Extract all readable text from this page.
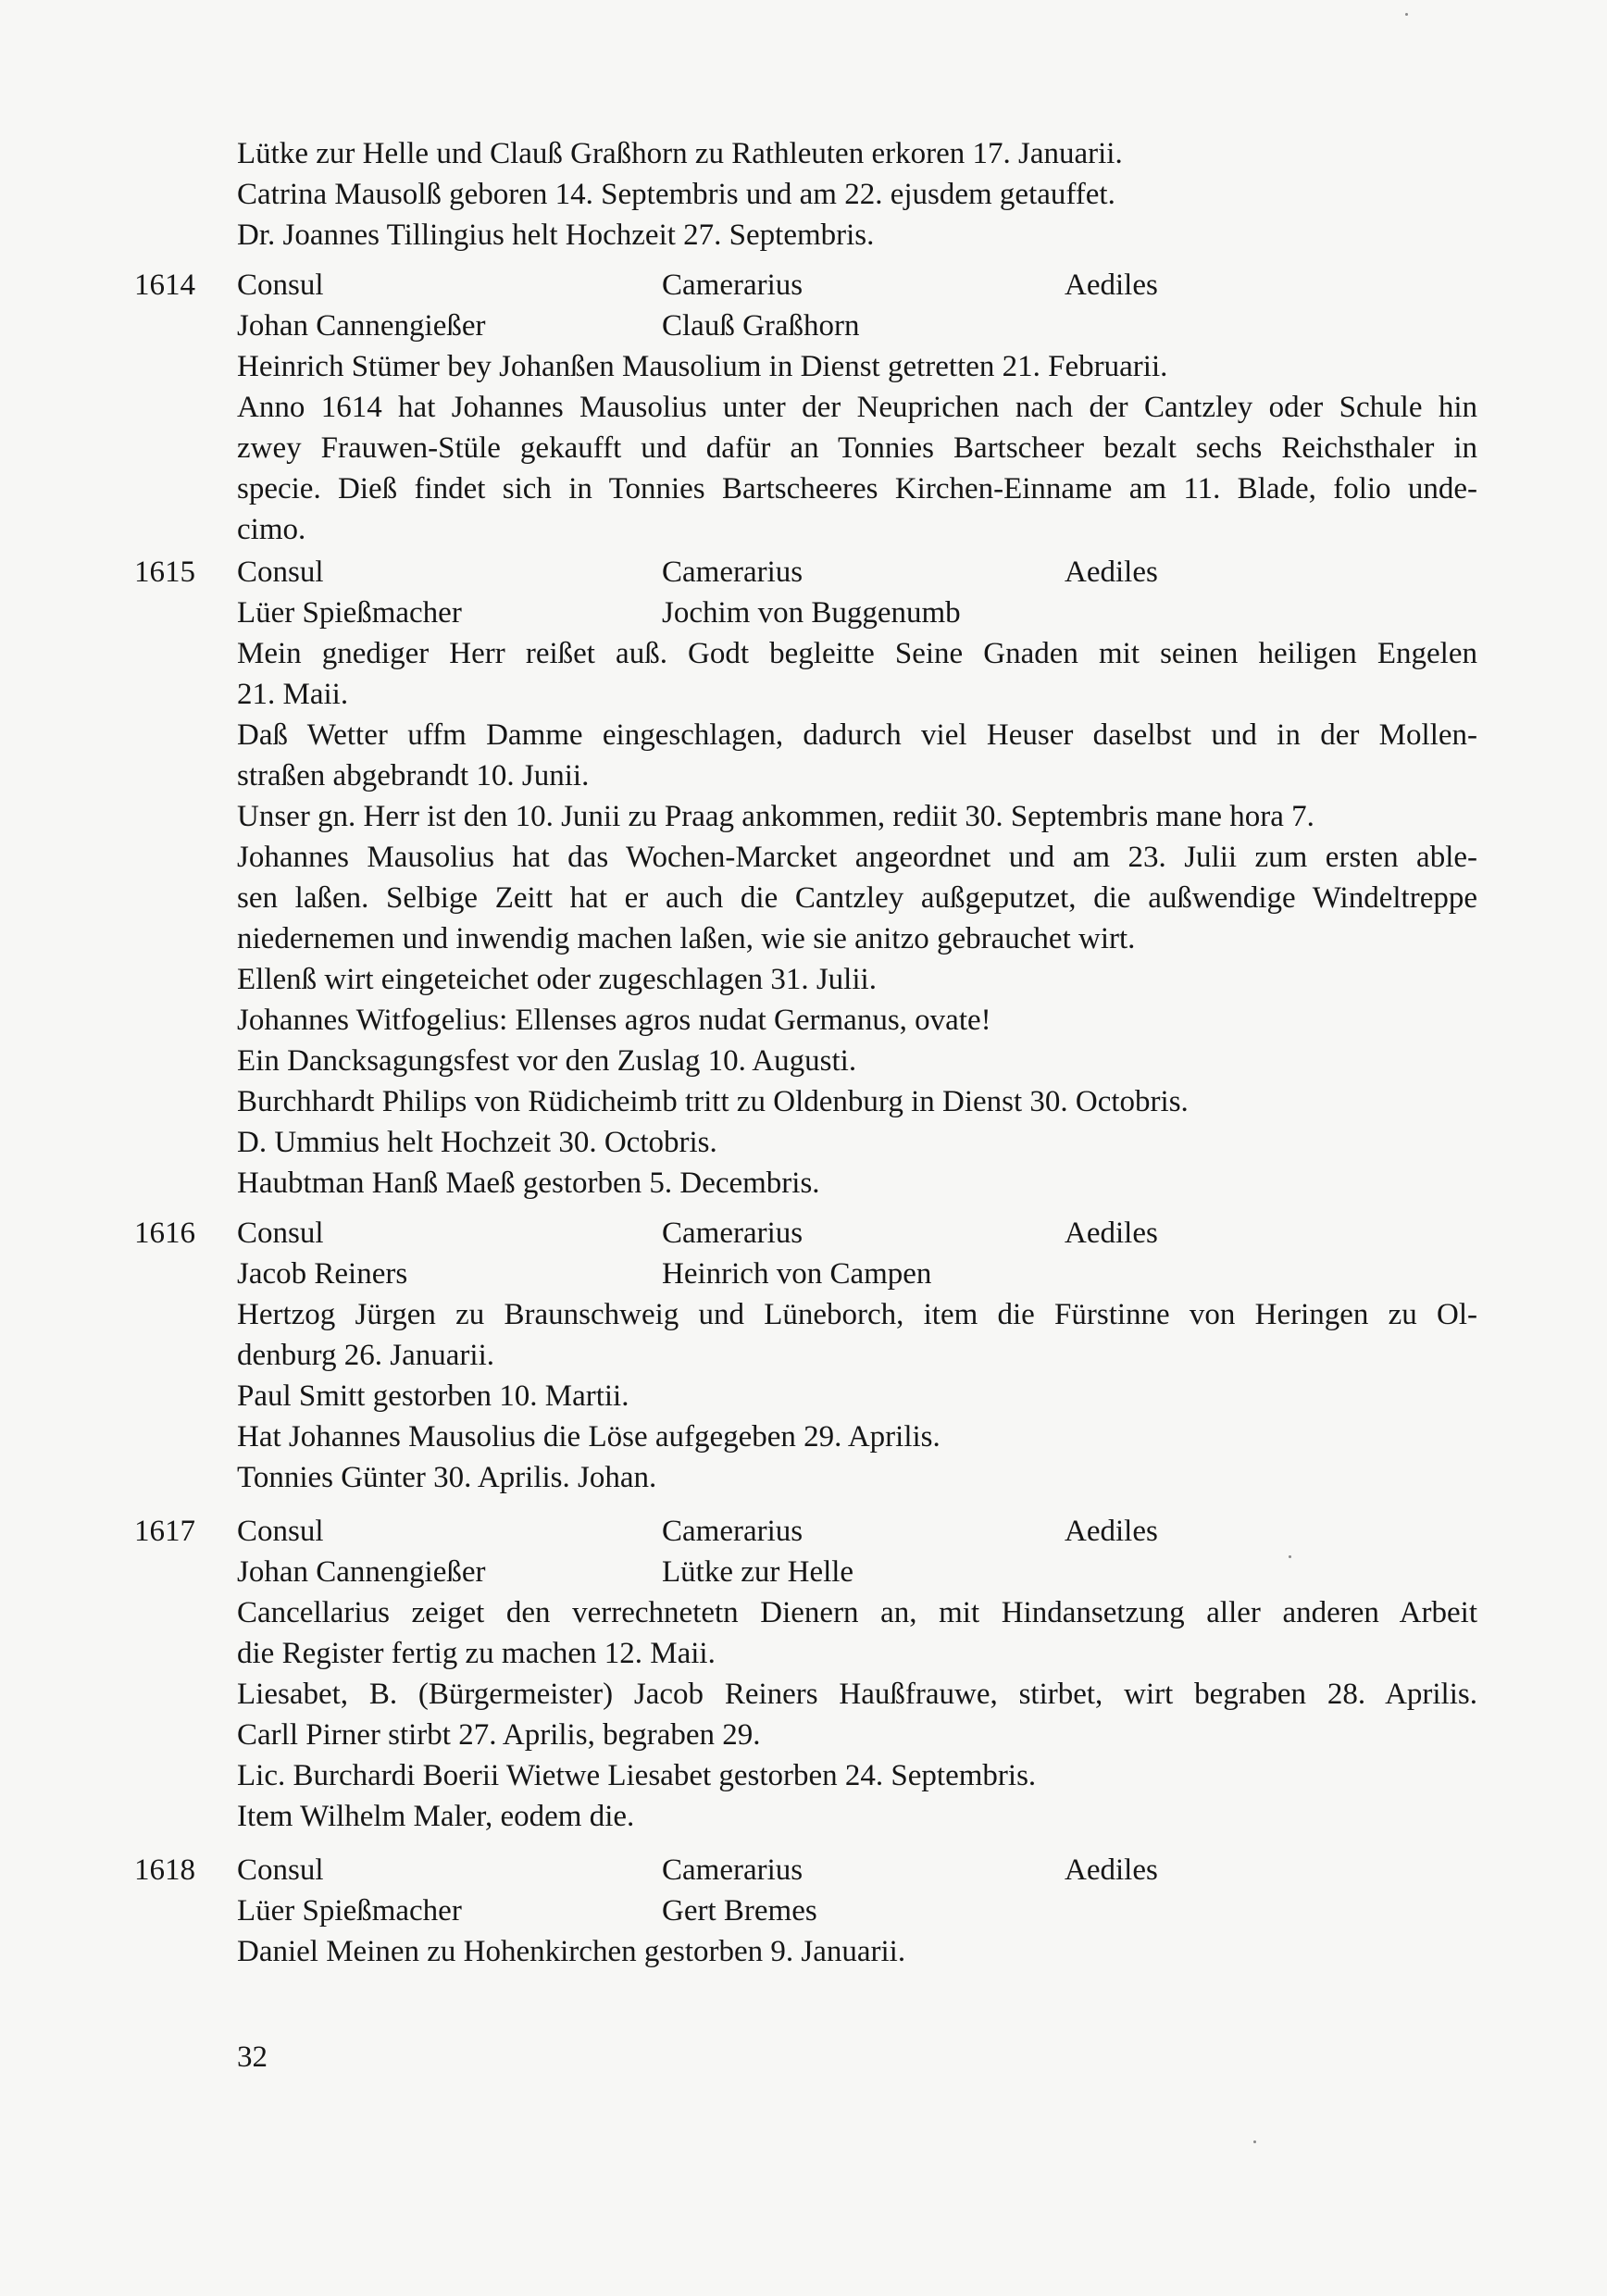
Lütke zur Helle und Clauß Graßhorn zu Rathleuten erkoren 17. Januarii.
Catrina Mausolß geboren 14. Septembris und am 22. ejusdem getauffet.
Dr. Joannes Tillingius helt Hochzeit 27. Septembris.
1614 Consul	Camerarius	Aediles
Johan Cannengießer	Clauß Graßhorn
Heinrich Stümer bey Johanßen Mausolium in Dienst getretten 21. Februarii.
Anno 1614 hat Johannes Mausolius unter der Neuprichen nach der Cantzley oder Schule hin
zwey Frauwen-Stüle gekaufft und dafür an Tonnies Bartscheer bezalt sechs Reichsthaler in
specie. Dieß findet sich in Tonnies Bartscheeres Kirchen-Einname am 11. Blade, folio unde-
cimo.
1615 Consul	Camerarius	Aediles
Lüer Spießmacher	Jochim von Buggenumb
Mein gnediger Herr reißet auß. Godt begleitte Seine Gnaden mit seinen heiligen Engelen
21. Maii.
Daß Wetter uffm Damme eingeschlagen, dadurch viel Heuser daselbst und in der Mollen-
straßen abgebrandt 10. Junii.
Unser gn. Herr ist den 10. Junii zu Praag ankommen, rediit 30. Septembris mane hora 7.
Johannes Mausolius hat das Wochen-Marcket angeordnet und am 23. Julii zum ersten able-
sen laßen. Selbige Zeitt hat er auch die Cantzley außgeputzet, die außwendige Windeltreppe
niedernemen und inwendig machen laßen, wie sie anitzo gebrauchet wirt.
Ellenß wirt eingeteichet oder zugeschlagen 31. Julii.
Johannes Witfogelius: Ellenses agros nudat Germanus, ovate!
Ein Dancksagungsfest vor den Zuslag 10. Augusti.
Burchhardt Philips von Rüdicheimb tritt zu Oldenburg in Dienst 30. Octobris.
D. Ummius helt Hochzeit 30. Octobris.
Haubtman Hanß Maeß gestorben 5. Decembris.
1616 Consul	Camerarius	Aediles
Jacob Reiners	Heinrich von Campen
Hertzog Jürgen zu Braunschweig und Lüneborch, item die Fürstinne von Heringen zu Ol-
denburg 26. Januarii.
Paul Smitt gestorben 10. Martii.
Hat Johannes Mausolius die Löse aufgegeben 29. Aprilis.
Tonnies Günter 30. Aprilis. Johan.
1617 Consul	Camerarius	Aediles
Johan Cannengießer	Lütke zur Helle
Cancellarius zeiget den verrechnetetn Dienern an, mit Hindansetzung aller anderen Arbeit
die Register fertig zu machen 12. Maii.
Liesabet, B. (Bürgermeister) Jacob Reiners Haußfrauwe, stirbet, wirt begraben 28. Aprilis.
Carll Pirner stirbt 27. Aprilis, begraben 29.
Lic. Burchardi Boerii Wietwe Liesabet gestorben 24. Septembris.
Item Wilhelm Maler, eodem die.
1618 Consul	Camerarius	Aediles
Lüer Spießmacher	Gert Bremes
Daniel Meinen zu Hohenkirchen gestorben 9. Januarii.
32
